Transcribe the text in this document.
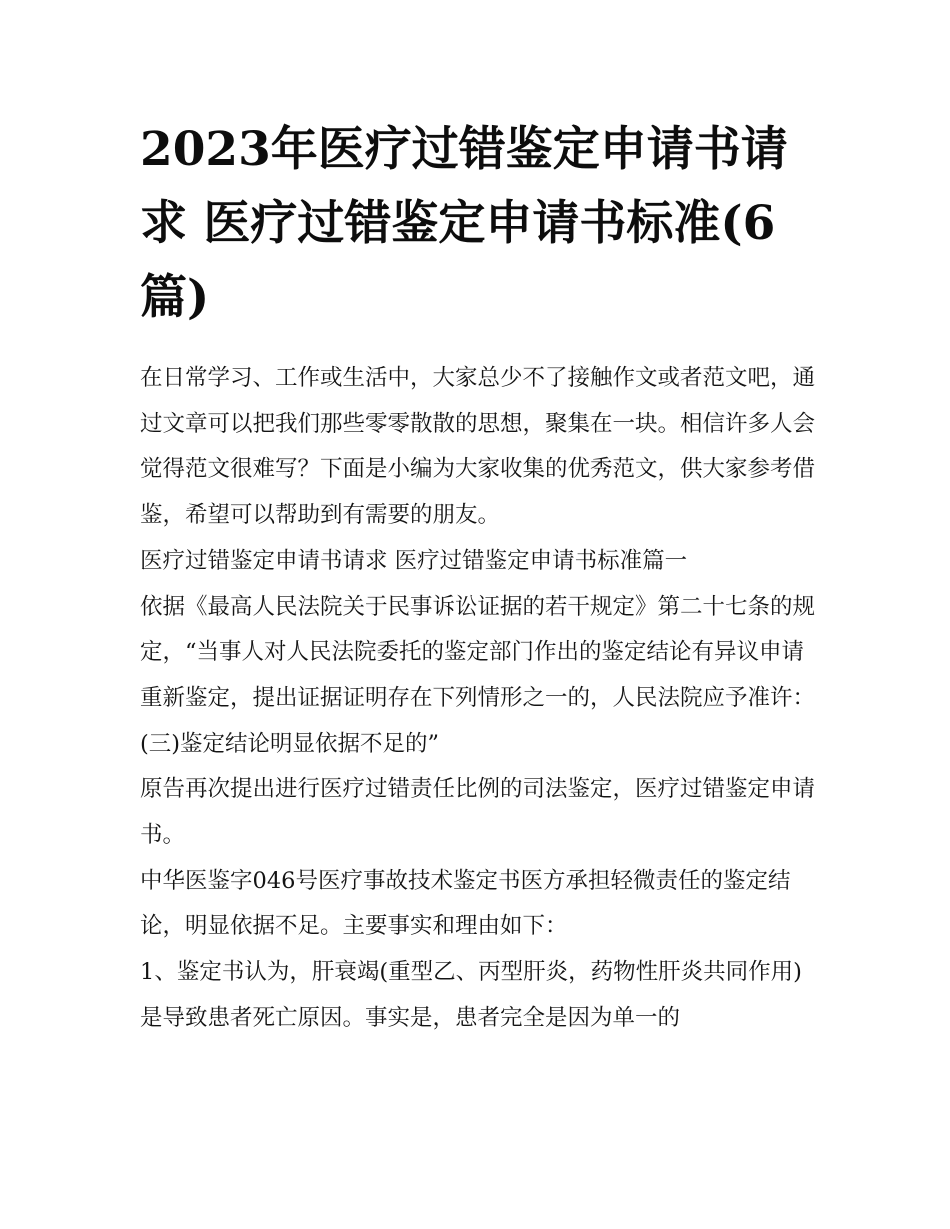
2023年医疗过错鉴定申请书请求 医疗过错鉴定申请书标准(6篇)

在日常学习、工作或生活中，大家总少不了接触作文或者范文吧，通过文章可以把我们那些零零散散的思想，聚集在一块。相信许多人会觉得范文很难写？下面是小编为大家收集的优秀范文，供大家参考借鉴，希望可以帮助到有需要的朋友。

医疗过错鉴定申请书请求 医疗过错鉴定申请书标准篇一

依据《最高人民法院关于民事诉讼证据的若干规定》第二十七条的规定，“当事人对人民法院委托的鉴定部门作出的鉴定结论有异议申请重新鉴定，提出证据证明存在下列情形之一的，人民法院应予准许：(三)鉴定结论明显依据不足的”

原告再次提出进行医疗过错责任比例的司法鉴定，医疗过错鉴定申请书。

中华医鉴字046号医疗事故技术鉴定书医方承担轻微责任的鉴定结论，明显依据不足。主要事实和理由如下：

1、鉴定书认为，肝衰竭(重型乙、丙型肝炎，药物性肝炎共同作用)是导致患者死亡原因。事实是，患者完全是因为单一的
